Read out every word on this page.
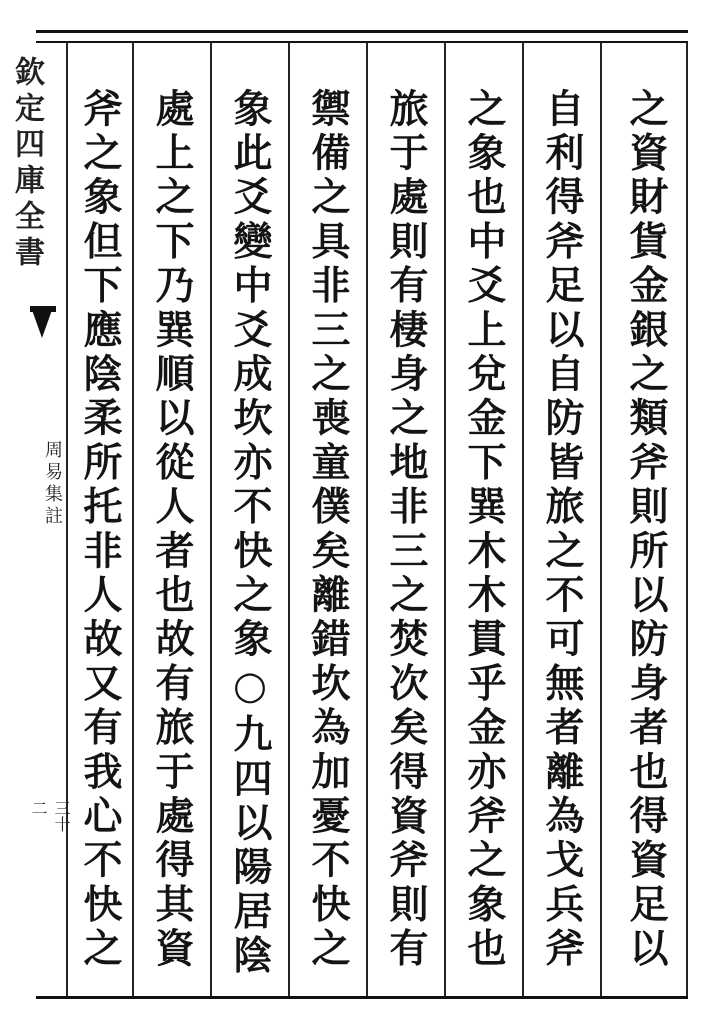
欽定四庫全書
周易集註
三十二	之資財貨金銀之類斧則所以防身者也得資足以
自利得斧足以自防皆旅之不可無者離為戈兵斧
之象也中爻上兌金下巽木木貫乎金亦斧之象也
旅于處則有棲身之地非三之焚次矣得資斧則有
禦備之具非三之喪童僕矣離錯坎為加憂不快之
象此爻變中爻成坎亦不快之象○九四以陽居陰
處上之下乃巽順以從人者也故有旅于處得其資
斧之象但下應陰柔所托非人故又有我心不快之
